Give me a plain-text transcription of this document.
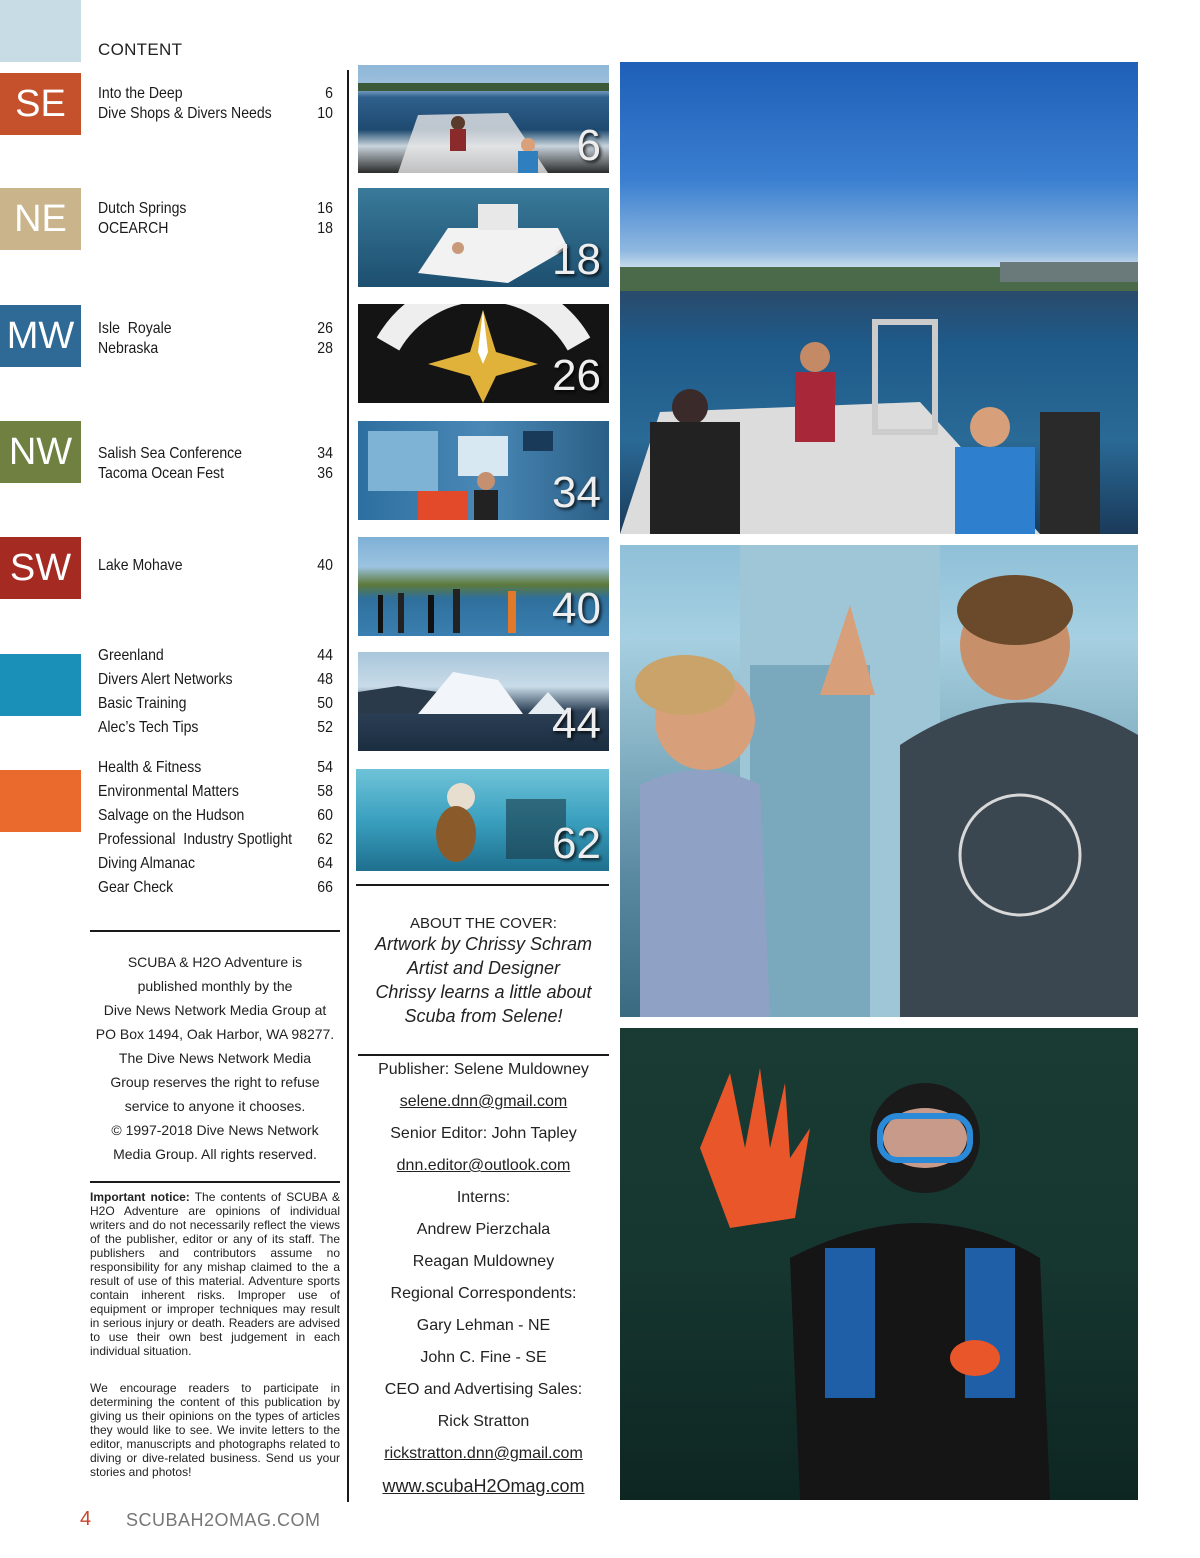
CONTENT
SE
NE
MW
NW
SW
Into the Deep	6
Dive Shops & Divers Needs	10
Dutch Springs	16
OCEARCH	18
Isle  Royale	26
Nebraska	28
Salish Sea Conference	34
Tacoma Ocean Fest	36
Lake Mohave	40
Greenland	44
Divers Alert Networks	48
Basic Training	50
Alec’s Tech Tips	52
Health & Fitness	54
Environmental Matters	58
Salvage on the Hudson	60
Professional  Industry Spotlight 62
Diving Almanac	64
Gear Check	66
SCUBA & H2O Adventure is
published monthly by the
Dive News Network Media Group at
PO Box 1494, Oak Harbor, WA 98277.
The Dive News Network Media
Group reserves the right to refuse
service to anyone it chooses.
© 1997-2018 Dive News Network
Media Group. All rights reserved.
Important notice: The contents of SCUBA & H2O Adventure are opinions of individual writers and do not necessarily reflect the views of the publisher, editor or any of its staff. The publishers and contributors assume no responsibility for any mishap claimed to the a result of use of this material. Adventure sports contain inherent risks. Improper use of equipment or improper techniques may result in serious injury or death. Readers are advised to use their own best judgement in each individual situation.
We encourage readers to participate in determining the content of this publication by giving us their opinions on the types of articles they would like to see. We invite letters to the editor, manuscripts and photographs related to diving or dive-related business. Send us your stories and photos!
6
18
26
34
40
44
62
ABOUT THE COVER:
Artwork by Chrissy Schram
Artist and Designer
Chrissy learns a little about
Scuba from Selene!
Publisher: Selene Muldowney
selene.dnn@gmail.com
Senior Editor: John Tapley
dnn.editor@outlook.com
Interns:
Andrew Pierzchala
Reagan Muldowney
Regional Correspondents:
Gary Lehman - NE
John C. Fine - SE
CEO and Advertising Sales:
Rick Stratton
rickstratton.dnn@gmail.com
www.scubaH2Omag.com
4 SCUBAH2OMAG.COM
